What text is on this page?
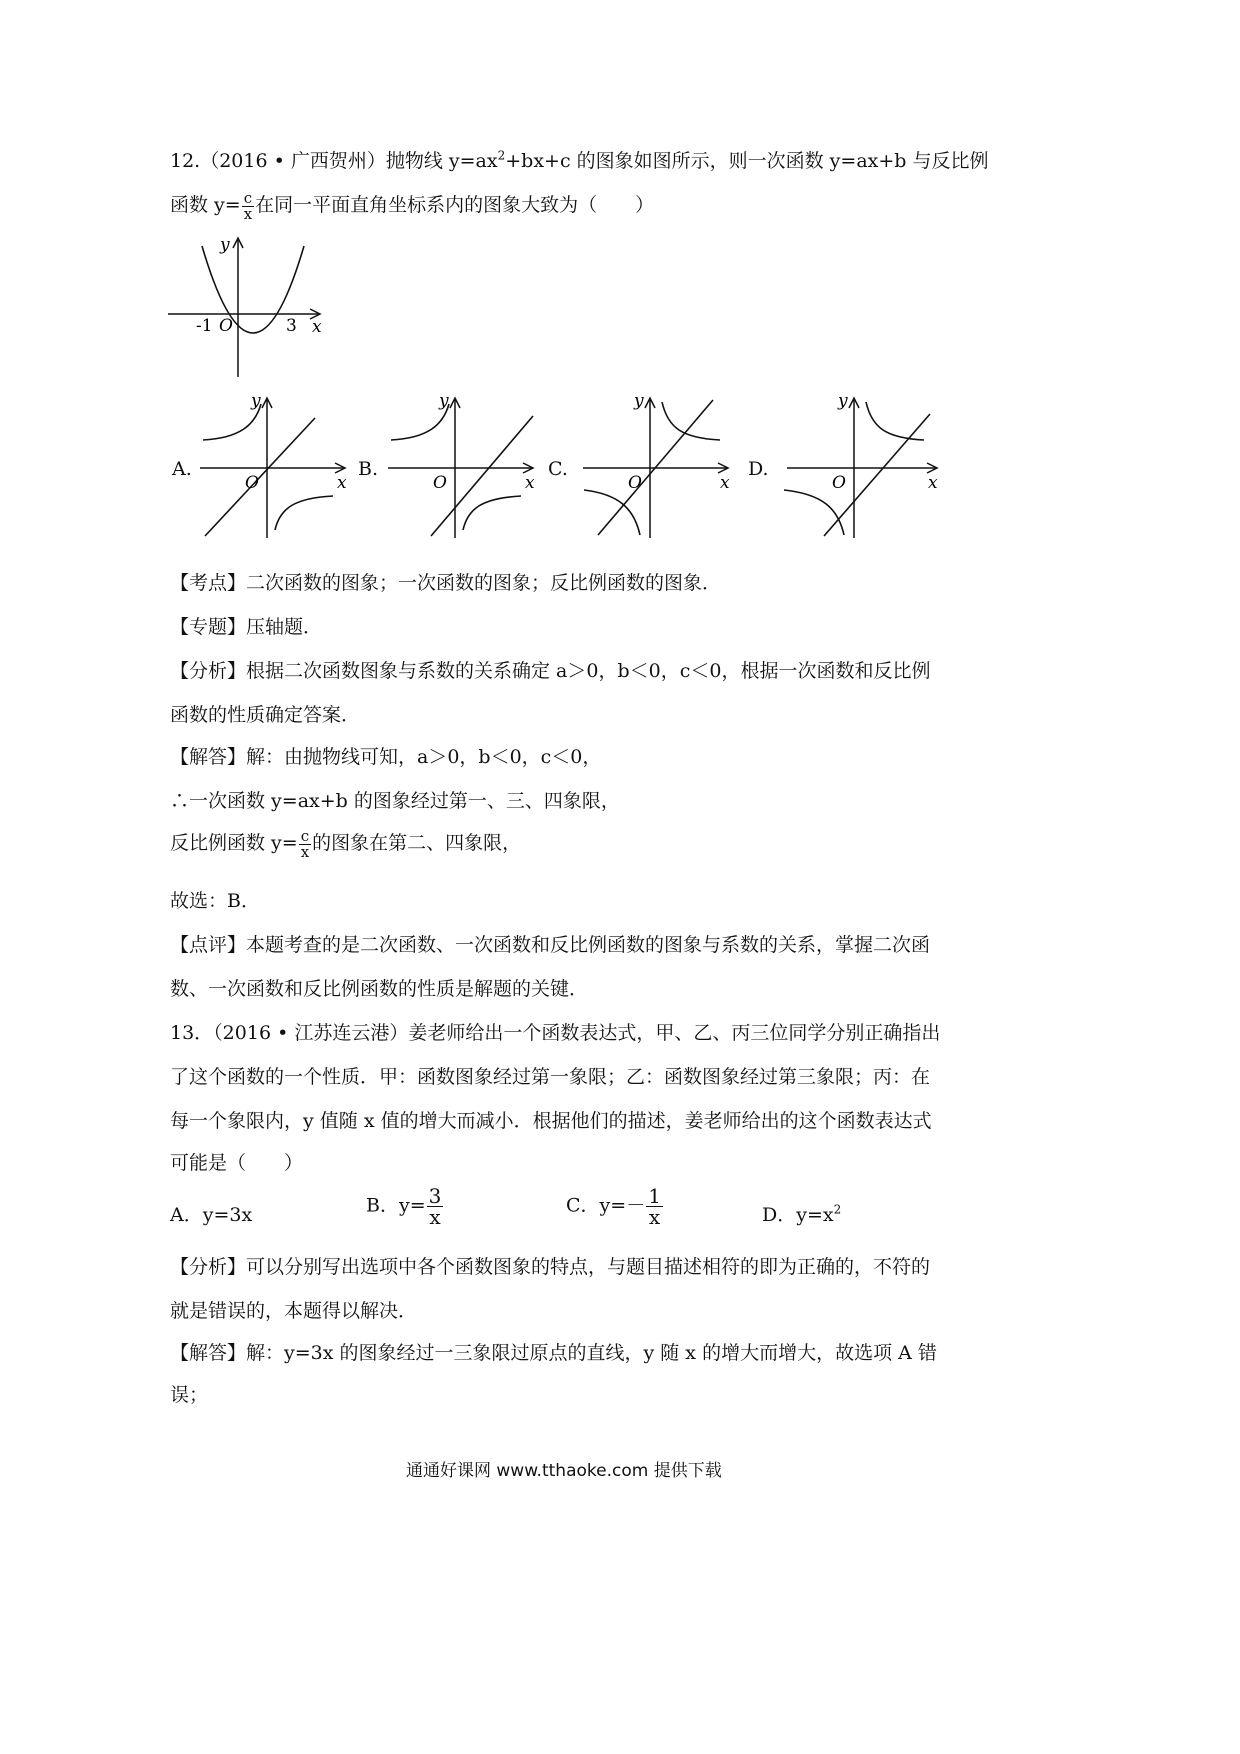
12.（2016 • 广西贺州）抛物线 $y=ax^2+bx+c$ 的图象如图所示，则一次函数 y=ax+b 与反比例
函数 $y= \frac{c}{x}$ 在同一平面直角坐标系内的图象大致为（　　）
y
x
O
-1	3
A.
y
x
O
B.
y
x
O
C.
y
x
O
D.
y
x
O
【考点】二次函数的图象；一次函数的图象；反比例函数的图象．
【专题】压轴题．
【分析】根据二次函数图象与系数的关系确定 a＞0，b＜0，c＜0，根据一次函数和反比例
函数的性质确定答案．
【解答】解：由抛物线可知，a＞0，b＜0，c＜0，
∴一次函数 y=ax+b 的图象经过第一、三、四象限，
反比例函数 $y= \frac{c}{x}$ 的图象在第二、四象限，
故选：B．
【点评】本题考查的是二次函数、一次函数和反比例函数的图象与系数的关系，掌握二次函
数、一次函数和反比例函数的性质是解题的关键．
13．（2016 • 江苏连云港）姜老师给出一个函数表达式，甲、乙、丙三位同学分别正确指出
了这个函数的一个性质．甲：函数图象经过第一象限；乙：函数图象经过第三象限；丙：在
每一个象限内，y 值随 x 值的增大而减小．根据他们的描述，姜老师给出的这个函数表达式
可能是（　　）
A．y=3x	B．$y= \frac{3}{x}$	C．$y=- \frac{1}{x}$	D．$y=x^2$
【分析】可以分别写出选项中各个函数图象的特点，与题目描述相符的即为正确的，不符的
就是错误的，本题得以解决．
【解答】解：y=3x 的图象经过一三象限过原点的直线，y 随 x 的增大而增大，故选项 A 错
误；
通通好课网 www.tthaoke.com 提供下载
